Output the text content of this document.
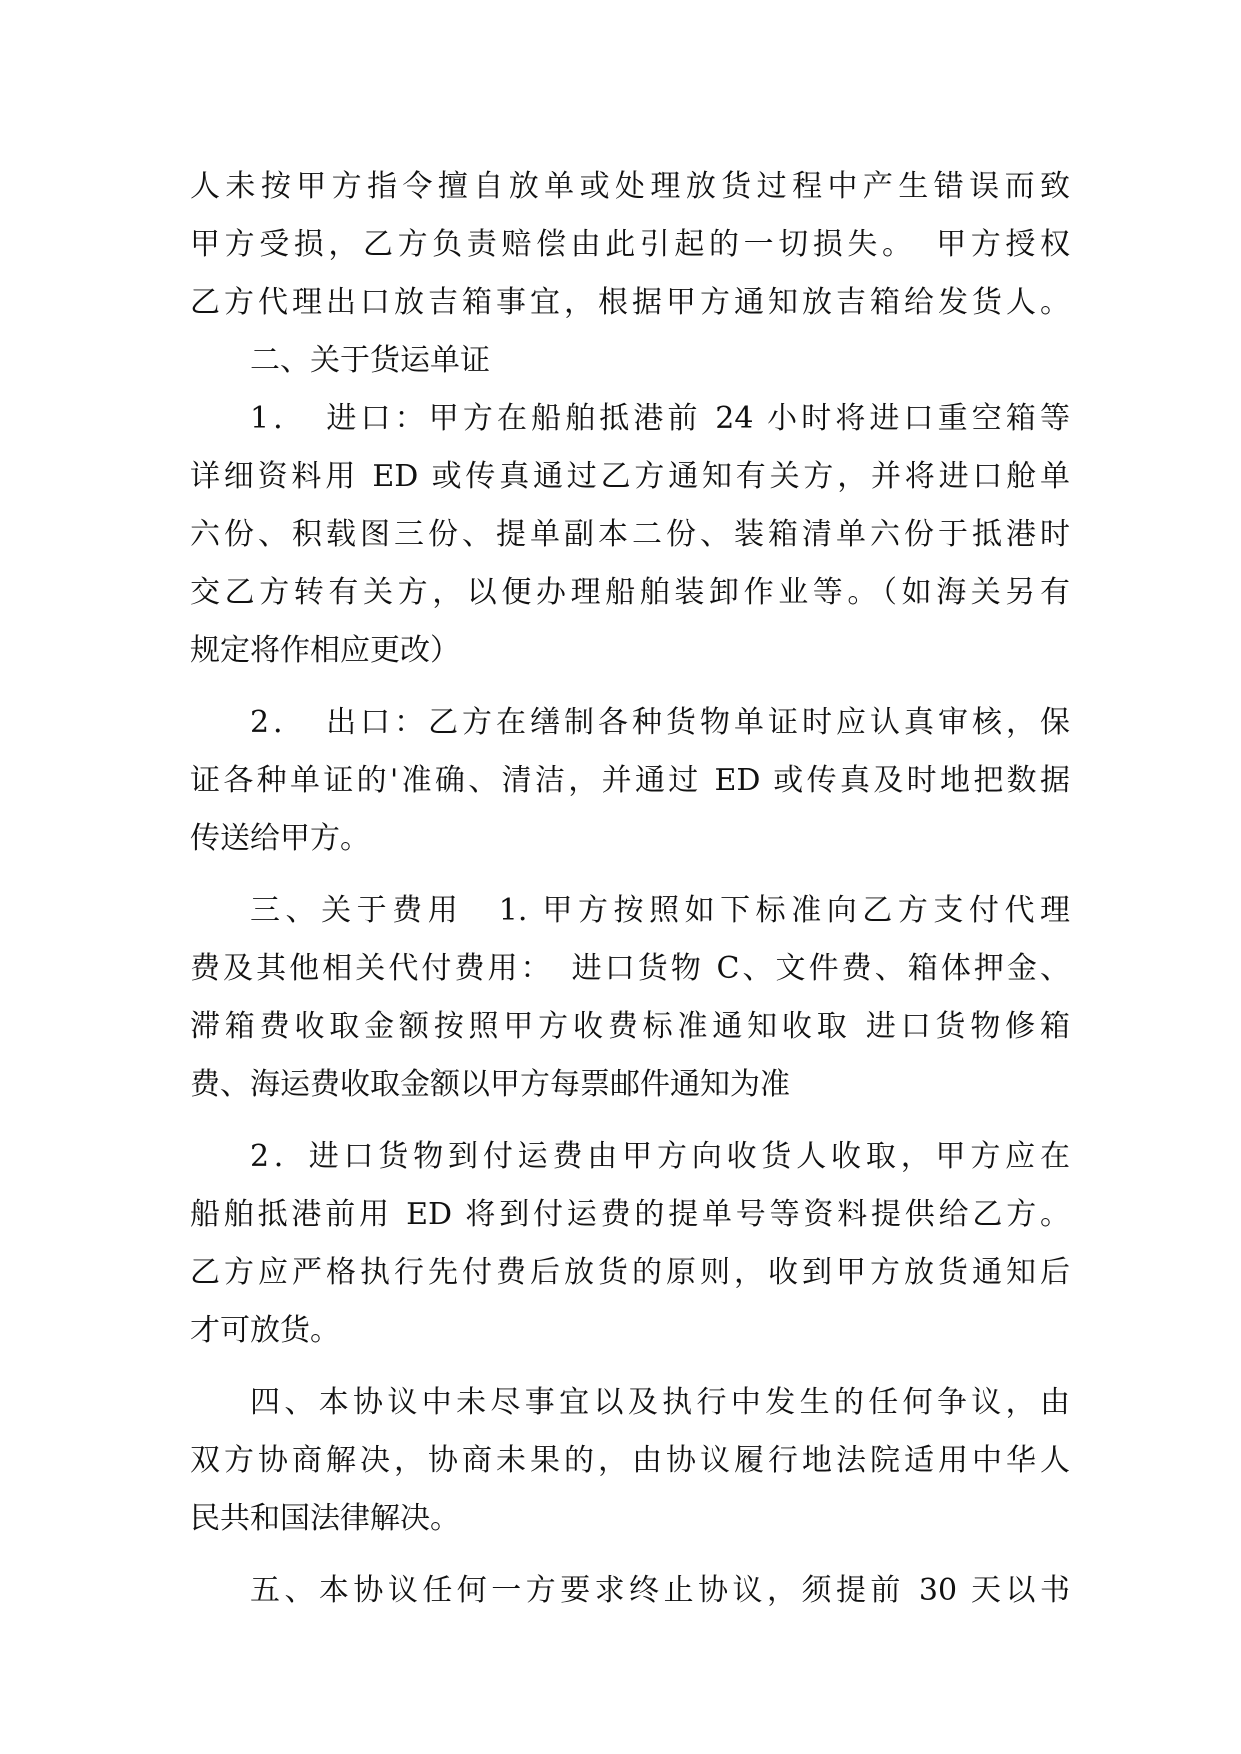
人未按甲方指令擅自放单或处理放货过程中产生错误而致
甲方受损，乙方负责赔偿由此引起的一切损失。　甲方授权
乙方代理出口放吉箱事宜，根据甲方通知放吉箱给发货人。
二、关于货运单证
1．　进口：甲方在船舶抵港前 24 小时将进口重空箱等
详细资料用 ED 或传真通过乙方通知有关方，并将进口舱单
六份、积载图三份、提单副本二份、装箱清单六份于抵港时
交乙方转有关方，以便办理船舶装卸作业等。（如海关另有
规定将作相应更改）
2．　出口：乙方在缮制各种货物单证时应认真审核，保
证各种单证的'准确、清洁，并通过 ED 或传真及时地把数据
传送给甲方。
三、关于费用　1. 甲方按照如下标准向乙方支付代理
费及其他相关代付费用：　进口货物 C、文件费、箱体押金、
滞箱费收取金额按照甲方收费标准通知收取 进口货物修箱
费、海运费收取金额以甲方每票邮件通知为准
2．进口货物到付运费由甲方向收货人收取，甲方应在
船舶抵港前用 ED 将到付运费的提单号等资料提供给乙方。
乙方应严格执行先付费后放货的原则，收到甲方放货通知后
才可放货。
四、本协议中未尽事宜以及执行中发生的任何争议，由
双方协商解决，协商未果的，由协议履行地法院适用中华人
民共和国法律解决。
五、本协议任何一方要求终止协议，须提前 30 天以书
